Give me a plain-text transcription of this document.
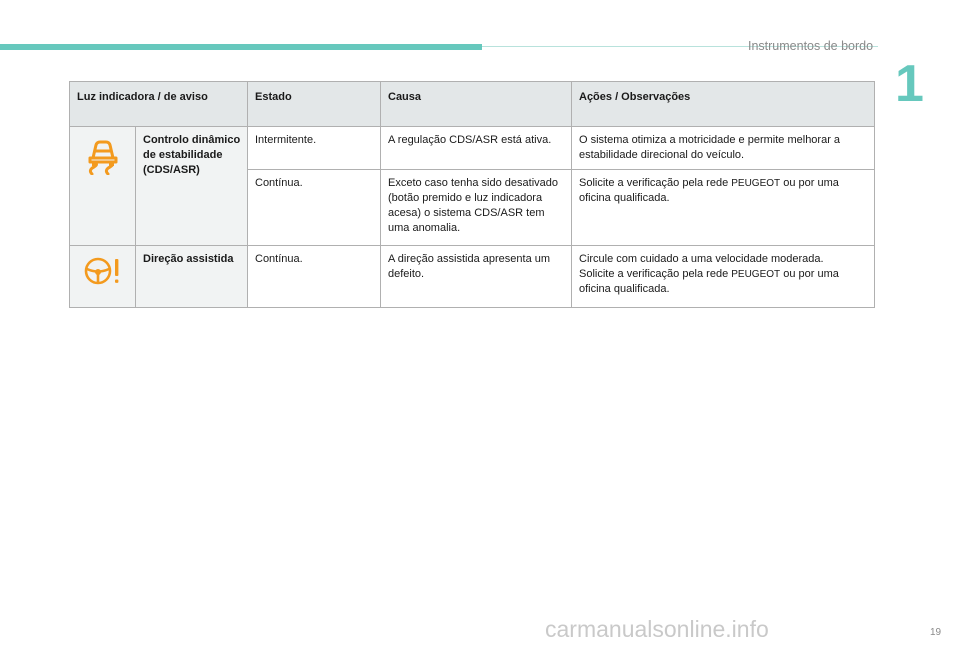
Instrumentos de bordo
1
Luz indicadora / de aviso		Estado	Causa	Ações / Observações

	Controlo dinâmico de estabilidade (CDS/ASR)	Intermitente.	A regulação CDS/ASR está ativa.	O sistema otimiza a motricidade e permite melhorar a estabilidade direcional do veículo.
		Contínua.	Exceto caso tenha sido desativado (botão premido e luz indicadora acesa) o sistema CDS/ASR tem uma anomalia.	Solicite a verificação pela rede PEUGEOT ou por uma oficina qualificada.

	Direção assistida	Contínua.	A direção assistida apresenta um defeito.	Circule com cuidado a uma velocidade moderada.
Solicite a verificação pela rede PEUGEOT ou por uma oficina qualificada.
carmanualsonline.info	19
